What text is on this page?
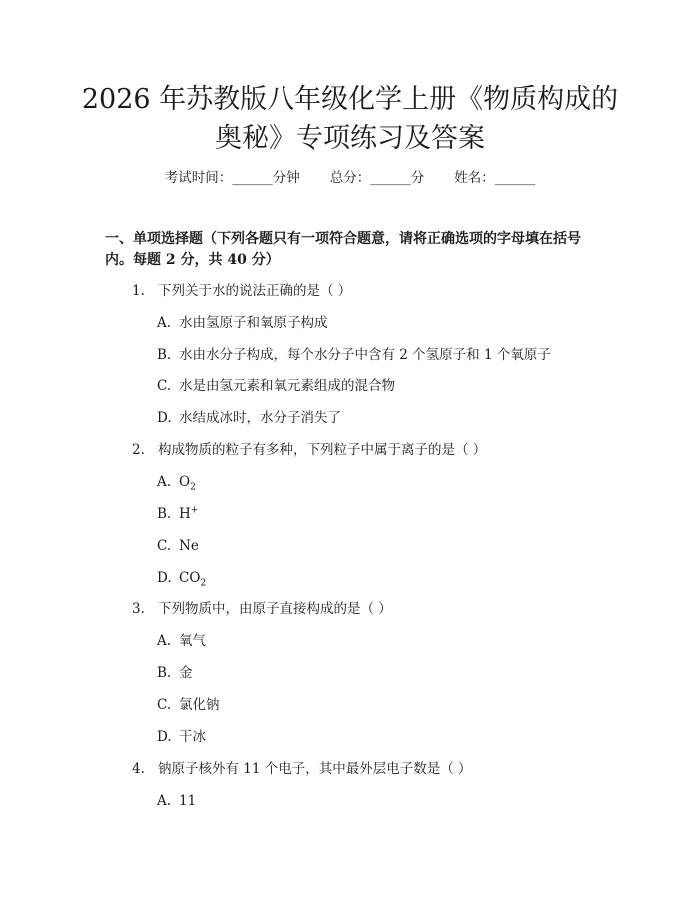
2026 年苏教版八年级化学上册《物质构成的
奥秘》专项练习及答案
考试时间：______分钟 总分：______分 姓名：______
一、单项选择题（下列各题只有一项符合题意，请将正确选项的字母填在括号
内。每题 2 分，共 40 分）
1. 下列关于水的说法正确的是（ ）
A. 水由氢原子和氧原子构成
B. 水由水分子构成，每个水分子中含有 2 个氢原子和 1 个氧原子
C. 水是由氢元素和氧元素组成的混合物
D. 水结成冰时，水分子消失了
2. 构成物质的粒子有多种，下列粒子中属于离子的是（ ）
A. $O_2$
B. H+
C. Ne
D. $CO_2$
3. 下列物质中，由原子直接构成的是（ ）
A. 氧气
B. 金
C. 氯化钠
D. 干冰
4. 钠原子核外有 11 个电子，其中最外层电子数是（ ）
A. 11
